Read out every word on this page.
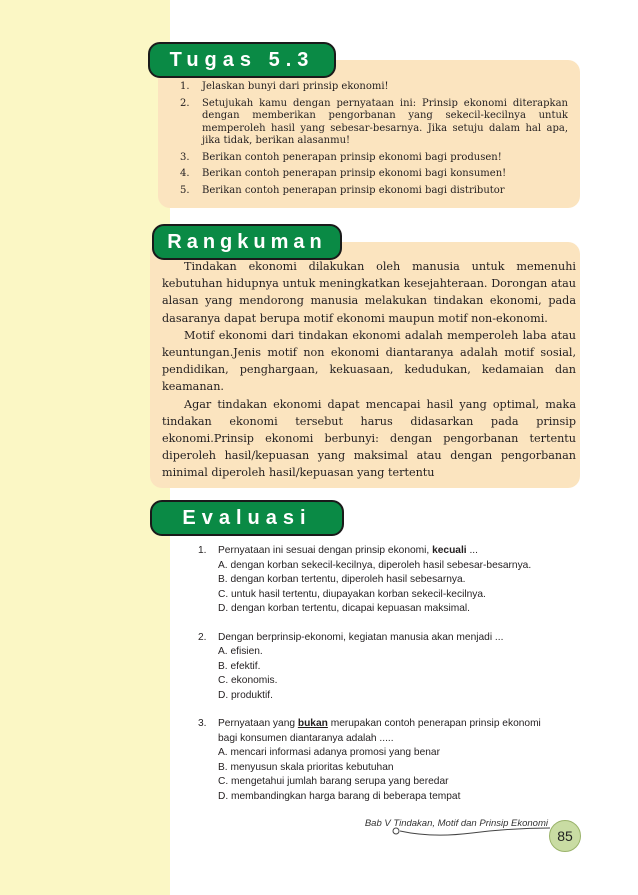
Tugas 5.3
1. Jelaskan bunyi dari prinsip ekonomi!
2. Setujukah kamu dengan pernyataan ini: Prinsip ekonomi diterapkan dengan memberikan pengorbanan yang sekecil-kecilnya untuk memperoleh hasil yang sebesar-besarnya. Jika setuju dalam hal apa, jika tidak, berikan alasanmu!
3. Berikan contoh penerapan prinsip ekonomi bagi produsen!
4. Berikan contoh penerapan prinsip ekonomi bagi konsumen!
5. Berikan contoh penerapan prinsip ekonomi bagi distributor
Rangkuman

Tindakan ekonomi dilakukan oleh manusia untuk memenuhi kebutuhan hidupnya untuk meningkatkan kesejahteraan. Dorongan atau alasan yang mendorong manusia melakukan tindakan ekonomi, pada dasaranya dapat berupa motif ekonomi maupun motif non-ekonomi.

Motif ekonomi dari tindakan ekonomi adalah memperoleh laba atau keuntungan.Jenis motif non ekonomi diantaranya adalah motif sosial, pendidikan, penghargaan, kekuasaan, kedudukan, kedamaian dan keamanan.

Agar tindakan ekonomi dapat mencapai hasil yang optimal, maka tindakan ekonomi tersebut harus didasarkan pada prinsip ekonomi.Prinsip ekonomi berbunyi: dengan pengorbanan tertentu diperoleh hasil/kepuasan yang maksimal atau dengan pengorbanan minimal diperoleh hasil/kepuasan yang tertentu

Evaluasi
1. Pernyataan ini sesuai dengan prinsip ekonomi, kecuali ...
A. dengan korban sekecil-kecilnya, diperoleh hasil sebesar-besarnya.
B. dengan korban tertentu, diperoleh hasil sebesarnya.
C. untuk hasil tertentu, diupayakan korban sekecil-kecilnya.
D. dengan korban tertentu, dicapai kepuasan maksimal.
2. Dengan berprinsip-ekonomi, kegiatan manusia akan menjadi ...
A. efisien.
B. efektif.
C. ekonomis.
D. produktif.
3. Pernyataan yang bukan merupakan contoh penerapan prinsip ekonomi
bagi konsumen diantaranya adalah .....
A. mencari informasi adanya promosi yang benar
B. menyusun skala prioritas kebutuhan
C. mengetahui jumlah barang serupa yang beredar
D. membandingkan harga barang di beberapa tempat
Bab V Tindakan, Motif dan Prinsip Ekonomi
85
